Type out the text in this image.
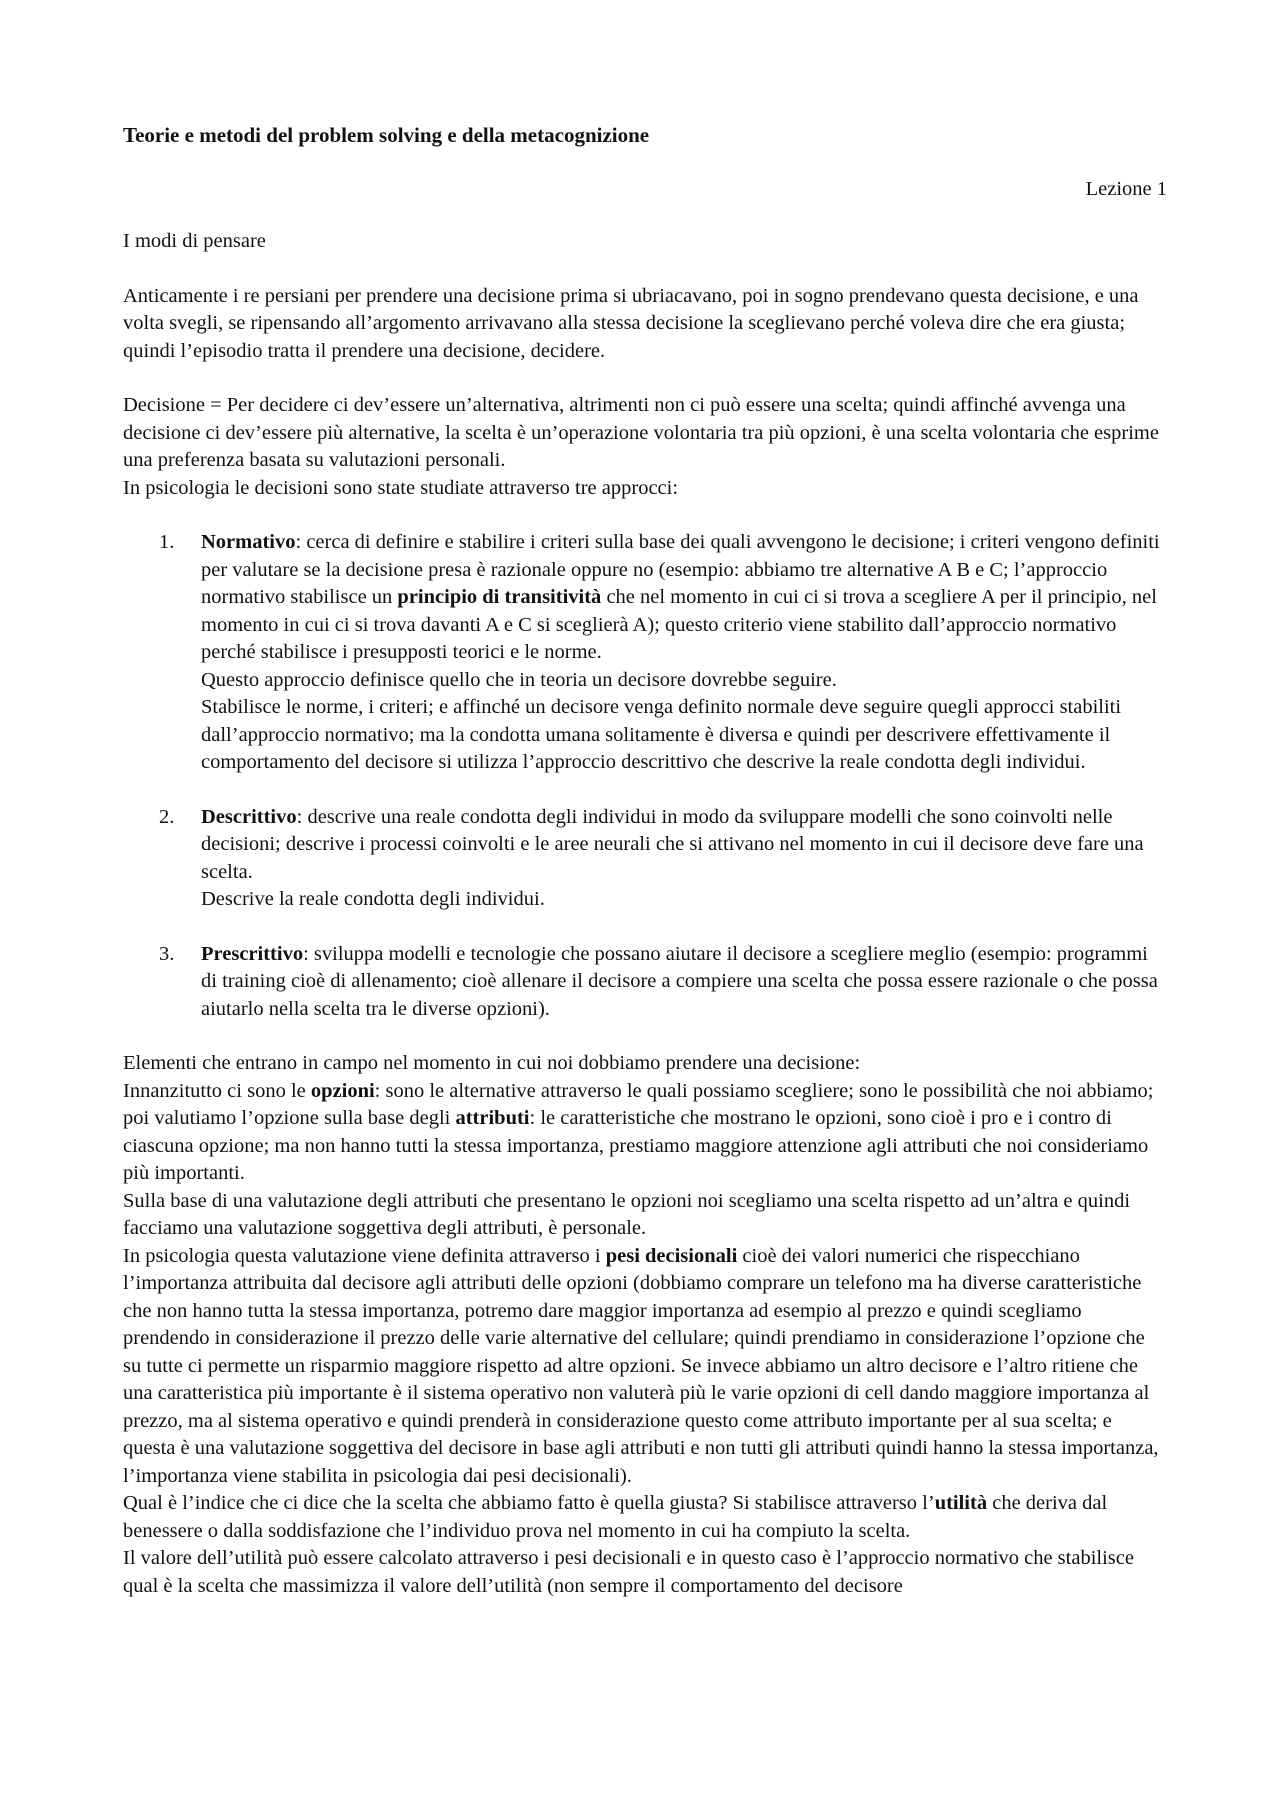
Teorie e metodi del problem solving e della metacognizione

Lezione 1

I modi di pensare

Anticamente i re persiani per prendere una decisione prima si ubriacavano, poi in sogno prendevano questa decisione, e una volta svegli, se ripensando all’argomento arrivavano alla stessa decisione la sceglievano perché voleva dire che era giusta; quindi l’episodio tratta il prendere una decisione, decidere.

Decisione = Per decidere ci dev’essere un’alternativa, altrimenti non ci può essere una scelta; quindi affinché avvenga una decisione ci dev’essere più alternative, la scelta è un’operazione volontaria tra più opzioni, è una scelta volontaria che esprime una preferenza basata su valutazioni personali.

In psicologia le decisioni sono state studiate attraverso tre approcci:

1. Normativo: cerca di definire e stabilire i criteri sulla base dei quali avvengono le decisione; i criteri vengono definiti per valutare se la decisione presa è razionale oppure no (esempio: abbiamo tre alternative A B e C; l’approccio normativo stabilisce un principio di transitività che nel momento in cui ci si trova a scegliere A per il principio, nel momento in cui ci si trova davanti A e C si sceglierà A); questo criterio viene stabilito dall’approccio normativo perché stabilisce i presupposti teorici e le norme.

Questo approccio definisce quello che in teoria un decisore dovrebbe seguire.

Stabilisce le norme, i criteri; e affinché un decisore venga definito normale deve seguire quegli approcci stabiliti dall’approccio normativo; ma la condotta umana solitamente è diversa e quindi per descrivere effettivamente il comportamento del decisore si utilizza l’approccio descrittivo che descrive la reale condotta degli individui.

2. Descrittivo: descrive una reale condotta degli individui in modo da sviluppare modelli che sono coinvolti nelle decisioni; descrive i processi coinvolti e le aree neurali che si attivano nel momento in cui il decisore deve fare una scelta.

Descrive la reale condotta degli individui.

3. Prescrittivo: sviluppa modelli e tecnologie che possano aiutare il decisore a scegliere meglio (esempio: programmi di training cioè di allenamento; cioè allenare il decisore a compiere una scelta che possa essere razionale o che possa aiutarlo nella scelta tra le diverse opzioni).

Elementi che entrano in campo nel momento in cui noi dobbiamo prendere una decisione:

Innanzitutto ci sono le opzioni: sono le alternative attraverso le quali possiamo scegliere; sono le possibilità che noi abbiamo; poi valutiamo l’opzione sulla base degli attributi: le caratteristiche che mostrano le opzioni, sono cioè i pro e i contro di ciascuna opzione; ma non hanno tutti la stessa importanza, prestiamo maggiore attenzione agli attributi che noi consideriamo più importanti.

Sulla base di una valutazione degli attributi che presentano le opzioni noi scegliamo una scelta rispetto ad un’altra e quindi facciamo una valutazione soggettiva degli attributi, è personale.

In psicologia questa valutazione viene definita attraverso i pesi decisionali cioè dei valori numerici che rispecchiano l’importanza attribuita dal decisore agli attributi delle opzioni (dobbiamo comprare un telefono ma ha diverse caratteristiche che non hanno tutta la stessa importanza, potremo dare maggior importanza ad esempio al prezzo e quindi scegliamo prendendo in considerazione il prezzo delle varie alternative del cellulare; quindi prendiamo in considerazione l’opzione che su tutte ci permette un risparmio maggiore rispetto ad altre opzioni. Se invece abbiamo un altro decisore e l’altro ritiene che una caratteristica più importante è il sistema operativo non valuterà più le varie opzioni di cell dando maggiore importanza al prezzo, ma al sistema operativo e quindi prenderà in considerazione questo come attributo importante per al sua scelta; e questa è una valutazione soggettiva del decisore in base agli attributi e non tutti gli attributi quindi hanno la stessa importanza, l’importanza viene stabilita in psicologia dai pesi decisionali).

Qual è l’indice che ci dice che la scelta che abbiamo fatto è quella giusta? Si stabilisce attraverso l’utilità che deriva dal benessere o dalla soddisfazione che l’individuo prova nel momento in cui ha compiuto la scelta.

Il valore dell’utilità può essere calcolato attraverso i pesi decisionali e in questo caso è l’approccio normativo che stabilisce qual è la scelta che massimizza il valore dell’utilità (non sempre il comportamento del decisore
